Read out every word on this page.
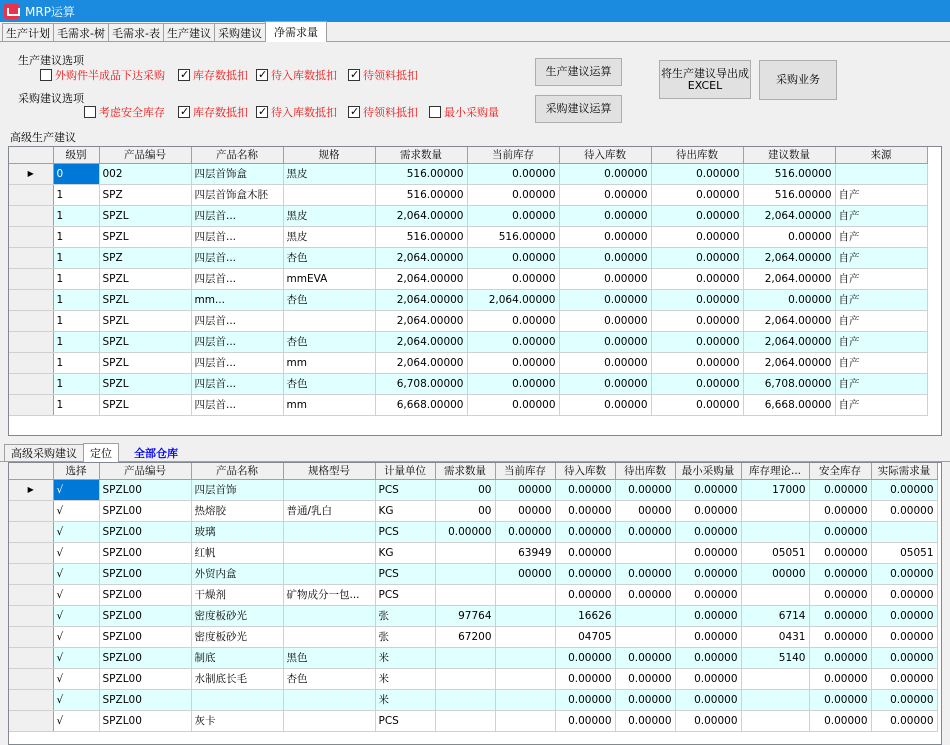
MRP运算
生产计划 毛需求-树 毛需求-表 生产建议 采购建议	净需求量
生产建议选项
外购件半成品下达采购 ✓	库存数抵扣 ✓ 待入库数抵扣 ✓ 待领料抵扣	生产建议运算
采购建议选项
考虑安全库存 ✓	库存数抵扣 ✓ 待入库数抵扣 ✓ 待领料抵扣 最小采购量	采购建议运算
将生产建议导出成EXCEL	采购业务
高级生产建议
	级别	产品编号	产品名称	规格	需求数量	当前库存	待入库数	待出库数	建议数量	来源
▶	0	002	四层首饰盒	黑皮	516.00000	0.00000	0.00000	0.00000	516.00000	
	1	SPZ	四层首饰盒木胚		516.00000	0.00000	0.00000	0.00000	516.00000	自产
	1	SPZL	四层首...	黑皮	2,064.00000	0.00000	0.00000	0.00000	2,064.00000	自产
	1	SPZL	四层首...	黑皮	516.00000	516.00000	0.00000	0.00000	0.00000	自产
	1	SPZ	四层首...	杏色	2,064.00000	0.00000	0.00000	0.00000	2,064.00000	自产
	1	SPZL	四层首...	mmEVA	2,064.00000	0.00000	0.00000	0.00000	2,064.00000	自产
	1	SPZL	mm...	杏色	2,064.00000	2,064.00000	0.00000	0.00000	0.00000	自产
	1	SPZL	四层首...		2,064.00000	0.00000	0.00000	0.00000	2,064.00000	自产
	1	SPZL	四层首...	杏色	2,064.00000	0.00000	0.00000	0.00000	2,064.00000	自产
	1	SPZL	四层首...	mm	2,064.00000	0.00000	0.00000	0.00000	2,064.00000	自产
	1	SPZL	四层首...	杏色	6,708.00000	0.00000	0.00000	0.00000	6,708.00000	自产
	1	SPZL	四层首...	mm	6,668.00000	0.00000	0.00000	0.00000	6,668.00000	自产
高级采购建议	定位	全部仓库
	选择	产品编号	产品名称	规格型号	计量单位	需求数量	当前库存	待入库数	待出库数	最小采购量	库存理论...	安全库存	实际需求量
▶	√	SPZL00	四层首饰		PCS	00	00000	0.00000	0.00000	0.00000	17000	0.00000	0.00000
	√	SPZL00	热熔胶	普通/乳白	KG	00	00000	0.00000	00000	0.00000		0.00000	0.00000
	√	SPZL00	玻璃		PCS	0.00000	0.00000	0.00000	0.00000	0.00000		0.00000	
	√	SPZL00	红帆		KG		63949	0.00000		0.00000	05051	0.00000	05051
	√	SPZL00	外贸内盒		PCS		00000	0.00000	0.00000	0.00000	00000	0.00000	0.00000
	√	SPZL00	干燥剂	矿物成分一包...	PCS			0.00000	0.00000	0.00000		0.00000	0.00000
	√	SPZL00	密度板砂光		张	97764		16626		0.00000	6714	0.00000	0.00000
	√	SPZL00	密度板砂光		张	67200		04705		0.00000	0431	0.00000	0.00000
	√	SPZL00	制底	黑色	米			0.00000	0.00000	0.00000	5140	0.00000	0.00000
	√	SPZL00	水制底长毛	杏色	米			0.00000	0.00000	0.00000		0.00000	0.00000
	√	SPZL00			米			0.00000	0.00000	0.00000		0.00000	0.00000
	√	SPZL00	灰卡		PCS			0.00000	0.00000	0.00000		0.00000	0.00000
